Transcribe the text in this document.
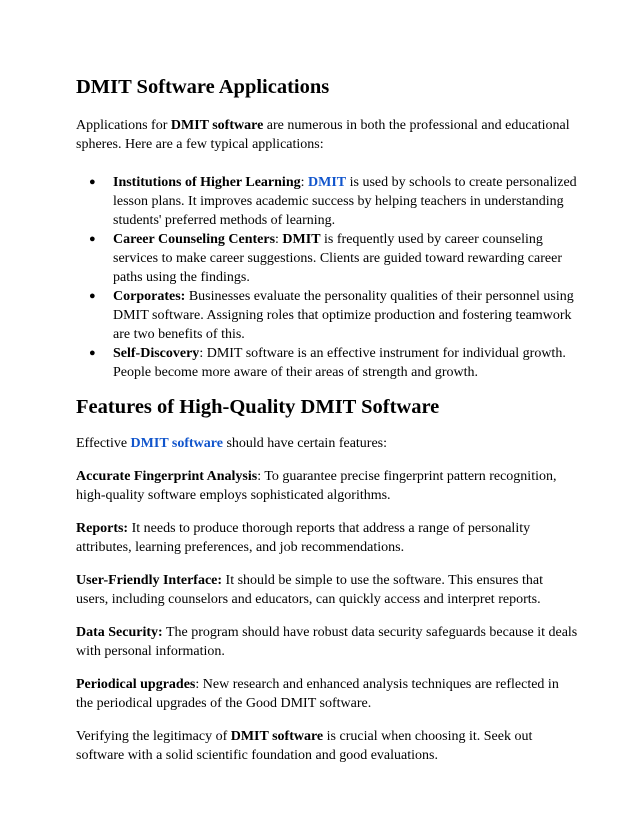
DMIT Software Applications

Applications for DMIT software are numerous in both the professional and educational spheres. Here are a few typical applications:

● Institutions of Higher Learning: DMIT is used by schools to create personalized lesson plans. It improves academic success by helping teachers in understanding students' preferred methods of learning.
● Career Counseling Centers: DMIT is frequently used by career counseling services to make career suggestions. Clients are guided toward rewarding career paths using the findings.
● Corporates: Businesses evaluate the personality qualities of their personnel using DMIT software. Assigning roles that optimize production and fostering teamwork are two benefits of this.
● Self-Discovery: DMIT software is an effective instrument for individual growth. People become more aware of their areas of strength and growth.
Features of High-Quality DMIT Software

Effective DMIT software should have certain features:

Accurate Fingerprint Analysis: To guarantee precise fingerprint pattern recognition, high-quality software employs sophisticated algorithms.

Reports: It needs to produce thorough reports that address a range of personality attributes, learning preferences, and job recommendations.

User-Friendly Interface: It should be simple to use the software. This ensures that users, including counselors and educators, can quickly access and interpret reports.

Data Security: The program should have robust data security safeguards because it deals with personal information.

Periodical upgrades: New research and enhanced analysis techniques are reflected in the periodical upgrades of the Good DMIT software.

Verifying the legitimacy of DMIT software is crucial when choosing it. Seek out software with a solid scientific foundation and good evaluations.
